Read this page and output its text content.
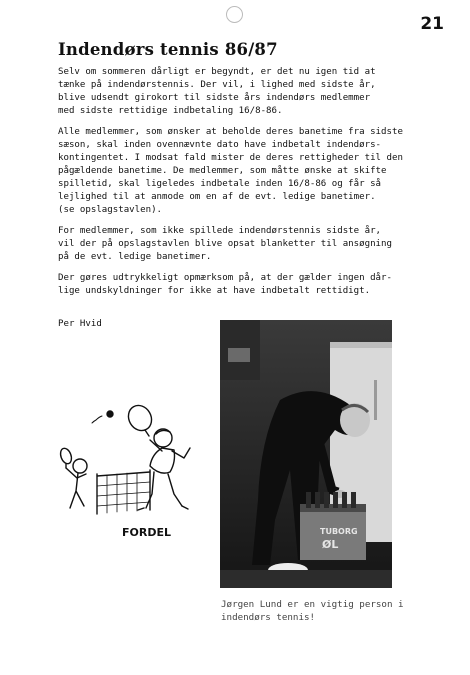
21
Indendørs tennis 86/87

Selv om sommeren dårligt er begyndt, er det nu igen tid at
tænke på indendørstennis. Der vil, i lighed med sidste år,
blive udsendt girokort til sidste års indendørs medlemmer
med sidste rettidige indbetaling 16/8-86.

Alle medlemmer, som ønsker at beholde deres banetime fra sidste
sæson, skal inden ovennævnte dato have indbetalt indendørs-
kontingentet. I modsat fald mister de deres rettigheder til den
pågældende banetime. De medlemmer, som måtte ønske at skifte
spilletid, skal ligeledes indbetale inden 16/8-86 og får så
lejlighed til at anmode om en af de evt. ledige banetimer.
(se opslagstavlen).

For medlemmer, som ikke spillede indendørstennis sidste år,
vil der på opslagstavlen blive opsat blanketter til ansøgning
på de evt. ledige banetimer.

Der gøres udtrykkeligt opmærksom på, at der gælder ingen dår-
lige undskyldninger for ikke at have indbetalt rettidigt.

Per Hvid
FORDEL	TUBORG
ØL
Jørgen Lund er en vigtig person i
indendørs tennis!
